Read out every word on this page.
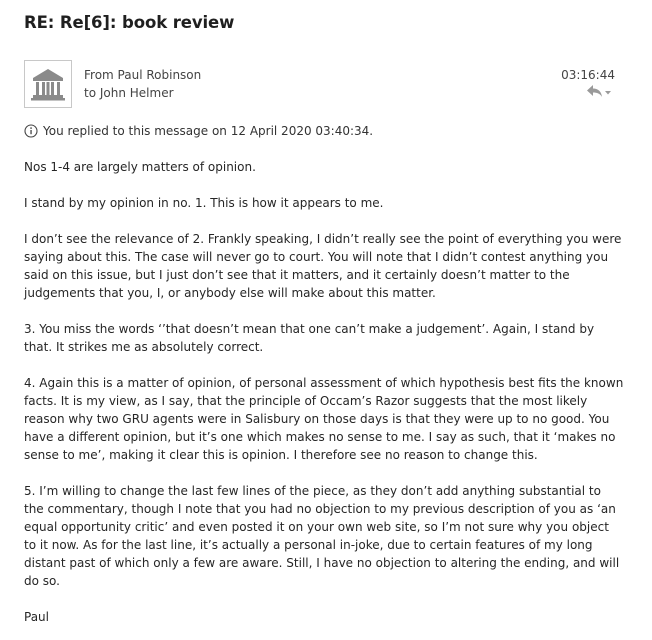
RE: Re[6]: book review
From Paul Robinson
to John Helmer
03:16:44
You replied to this message on 12 April 2020 03:40:34.

Nos 1-4 are largely matters of opinion.

I stand by my opinion in no. 1. This is how it appears to me.

I don’t see the relevance of 2. Frankly speaking, I didn’t really see the point of everything you were saying about this. The case will never go to court. You will note that I didn’t contest anything you said on this issue, but I just don’t see that it matters, and it certainly doesn’t matter to the judgements that you, I, or anybody else will make about this matter.

3. You miss the words ‘’that doesn’t mean that one can’t make a judgement’. Again, I stand by that. It strikes me as absolutely correct.

4. Again this is a matter of opinion, of personal assessment of which hypothesis best fits the known facts. It is my view, as I say, that the principle of Occam’s Razor suggests that the most likely reason why two GRU agents were in Salisbury on those days is that they were up to no good. You have a different opinion, but it’s one which makes no sense to me. I say as such, that it ‘makes no sense to me’, making it clear this is opinion. I therefore see no reason to change this.

5. I’m willing to change the last few lines of the piece, as they don’t add anything substantial to the commentary, though I note that you had no objection to my previous description of you as ‘an equal opportunity critic’ and even posted it on your own web site, so I’m not sure why you object to it now. As for the last line, it’s actually a personal in-joke, due to certain features of my long distant past of which only a few are aware. Still, I have no objection to altering the ending, and will do so.

Paul
